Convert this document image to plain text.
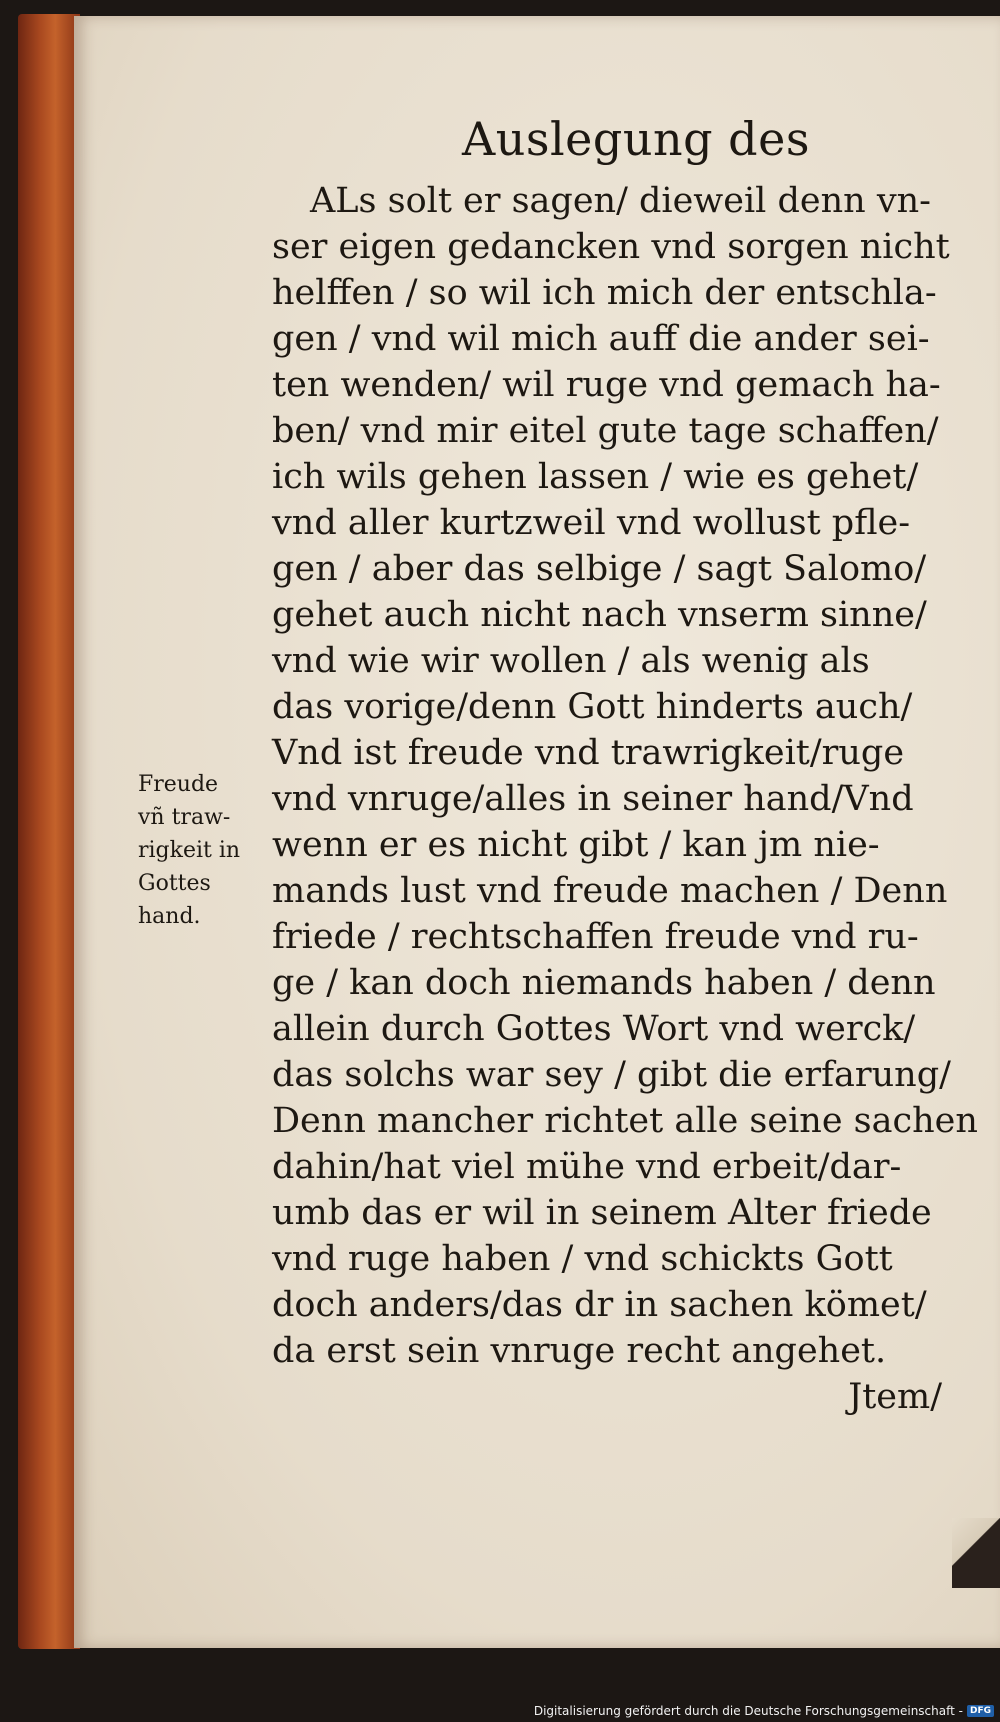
Auslegung des
ALs solt er sagen/ dieweil denn vn-
ser eigen gedancken vnd sorgen nicht
helffen / so wil ich mich der entschla-
gen / vnd wil mich auff die ander sei-
ten wenden/ wil ruge vnd gemach ha-
ben/ vnd mir eitel gute tage schaffen/
ich wils gehen lassen / wie es gehet/
vnd aller kurtzweil vnd wollust pfle-
gen / aber das selbige / sagt Salomo/
gehet auch nicht nach vnserm sinne/
vnd wie wir wollen / als wenig als
das vorige/denn Gott hinderts auch/
Vnd ist freude vnd trawrigkeit/ruge
vnd vnruge/alles in seiner hand/Vnd
wenn er es nicht gibt / kan jm nie-
mands lust vnd freude machen / Denn
friede / rechtschaffen freude vnd ru-
ge / kan doch niemands haben / denn
allein durch Gottes Wort vnd werck/
das solchs war sey / gibt die erfarung/
Denn mancher richtet alle seine sachen
dahin/hat viel mühe vnd erbeit/dar-
umb das er wil in seinem Alter friede
vnd ruge haben / vnd schickts Gott
doch anders/das dr in sachen kömet/
da erst sein vnruge recht angehet.
Jtem/
Freude
vñ traw-
rigkeit in
Gottes
hand.
Digitalisierung gefördert durch die Deutsche Forschungsgemeinschaft - DFG
